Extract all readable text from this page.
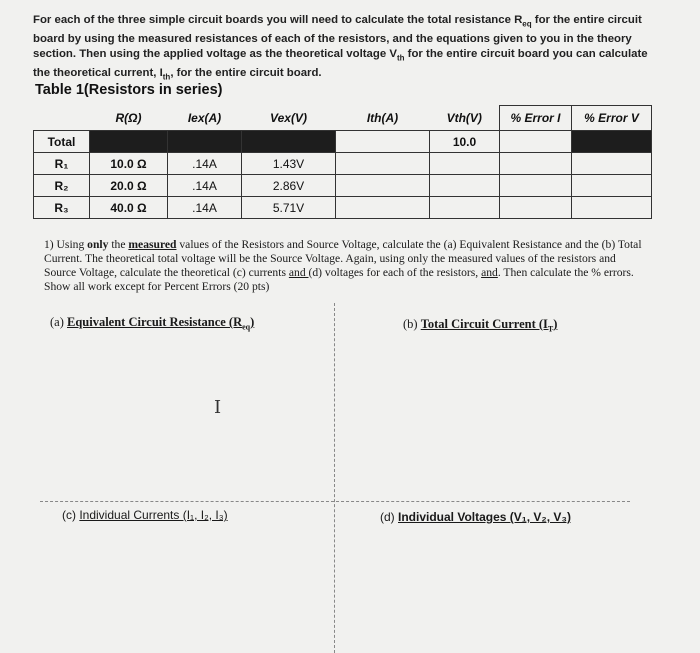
For each of the three simple circuit boards you will need to calculate the total resistance $R_{eq}$ for the entire circuit board by using the measured resistances of each of the resistors, and the equations given to you in the theory section. Then using the applied voltage as the theoretical voltage $V_{th}$ for the entire circuit board you can calculate the theoretical current, $I_{th}$, for the entire circuit board.
Table 1(Resistors in series)
	R(Ω)	Iex(A)	Vex(V)	Ith(A)	Vth(V)	% Error I	% Error V
Total					10.0		
R₁	10.0 Ω	.14A	1.43V				
R₂	20.0 Ω	.14A	2.86V				
R₃	40.0 Ω	.14A	5.71V				
1) Using only the measured values of the Resistors and Source Voltage, calculate the (a) Equivalent Resistance and the (b) Total Current. The theoretical total voltage will be the Source Voltage. Again, using only the measured values of the resistors and Source Voltage, calculate the theoretical (c) currents and (d) voltages for each of the resistors, and. Then calculate the % errors. Show all work except for Percent Errors (20 pts)
(a) Equivalent Circuit Resistance $(R_{eq})$	(b) Total Circuit Current $(I_T)$
I
(c) Individual Currents (I₁, I₂, I₃)	(d) Individual Voltages (V₁, V₂, V₃)
